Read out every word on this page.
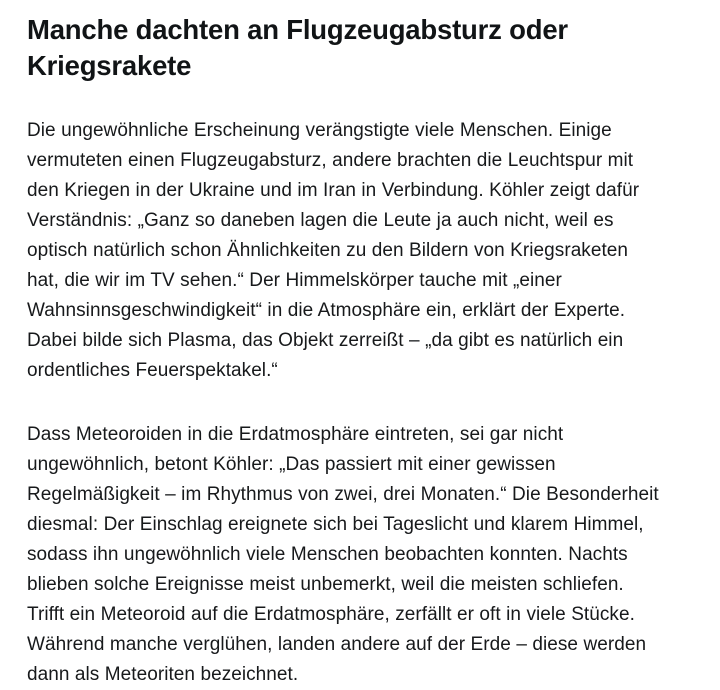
Manche dachten an Flugzeugabsturz oder Kriegsrakete

Die ungewöhnliche Erscheinung verängstigte viele Menschen. Einige vermuteten einen Flugzeugabsturz, andere brachten die Leuchtspur mit den Kriegen in der Ukraine und im Iran in Verbindung. Köhler zeigt dafür Verständnis: „Ganz so daneben lagen die Leute ja auch nicht, weil es optisch natürlich schon Ähnlichkeiten zu den Bildern von Kriegsraketen hat, die wir im TV sehen.“ Der Himmelskörper tauche mit „einer Wahnsinnsgeschwindigkeit“ in die Atmosphäre ein, erklärt der Experte. Dabei bilde sich Plasma, das Objekt zerreißt – „da gibt es natürlich ein ordentliches Feuerspektakel.“

Dass Meteoroiden in die Erdatmosphäre eintreten, sei gar nicht ungewöhnlich, betont Köhler: „Das passiert mit einer gewissen Regelmäßigkeit – im Rhythmus von zwei, drei Monaten.“ Die Besonderheit diesmal: Der Einschlag ereignete sich bei Tageslicht und klarem Himmel, sodass ihn ungewöhnlich viele Menschen beobachten konnten. Nachts blieben solche Ereignisse meist unbemerkt, weil die meisten schliefen. Trifft ein Meteoroid auf die Erdatmosphäre, zerfällt er oft in viele Stücke. Während manche verglühen, landen andere auf der Erde – diese werden dann als Meteoriten bezeichnet.
